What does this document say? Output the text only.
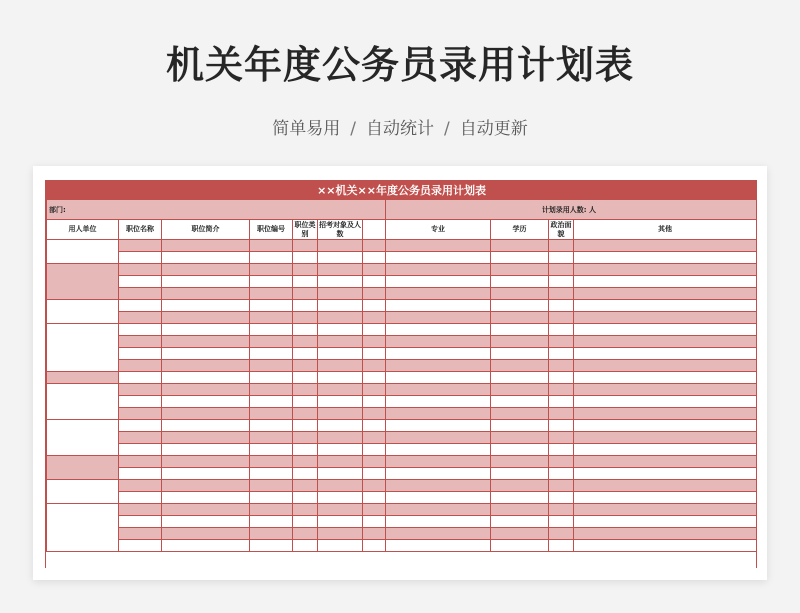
机关年度公务员录用计划表
简单易用 / 自动统计 / 自动更新
××机关××年度公务员录用计划表										
部门:							计划录用人数: 人			
用人单位	职位名称	职位简介	职位编号	职位类别	招考对象及人数		专业	学历	政治面貌	其他
